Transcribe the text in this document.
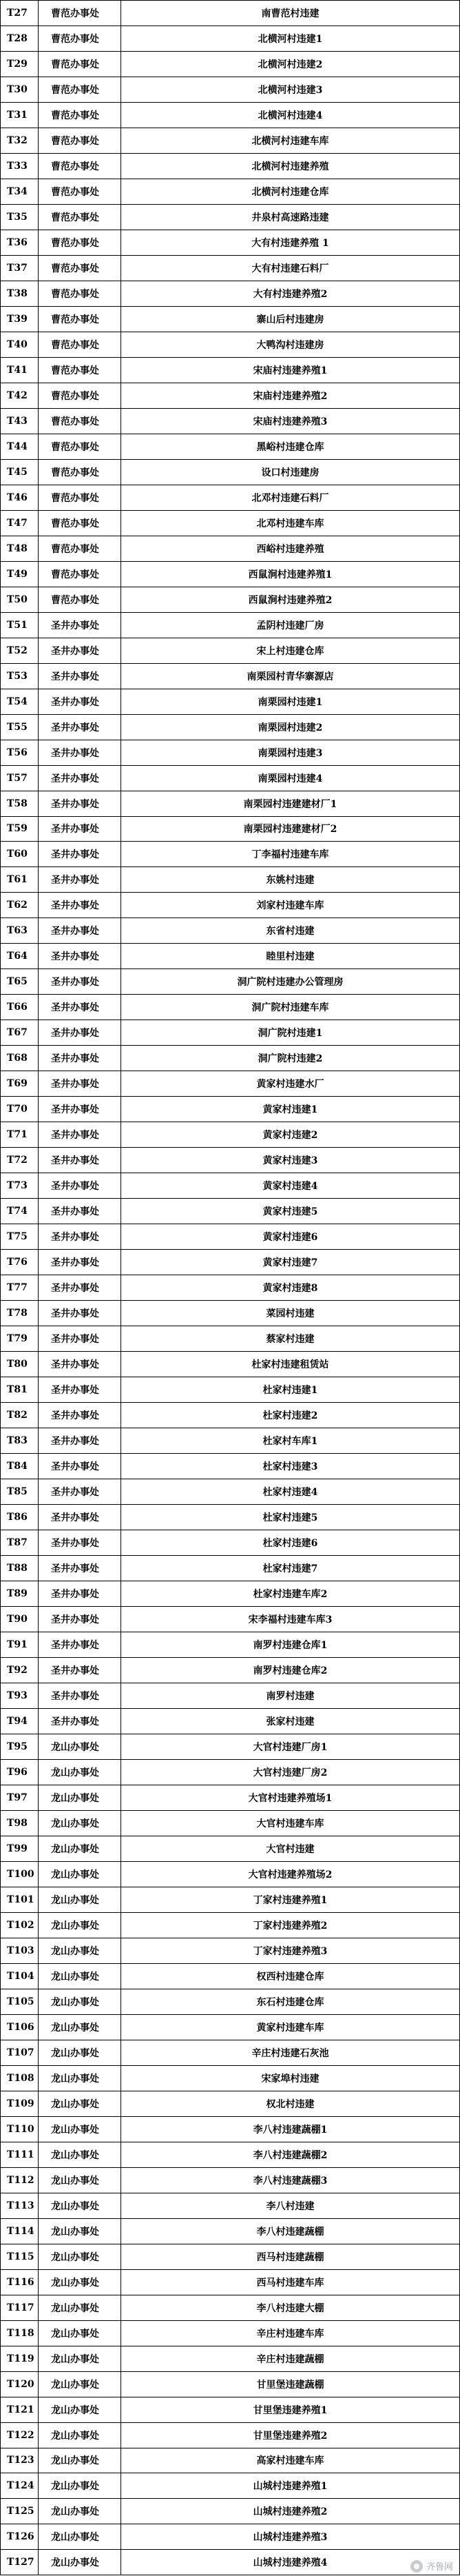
T27	曹范办事处	南曹范村违建
T28	曹范办事处	北横河村违建1
T29	曹范办事处	北横河村违建2
T30	曹范办事处	北横河村违建3
T31	曹范办事处	北横河村违建4
T32	曹范办事处	北横河村违建车库
T33	曹范办事处	北横河村违建养殖
T34	曹范办事处	北横河村违建仓库
T35	曹范办事处	井泉村高速路违建
T36	曹范办事处	大有村违建养殖 1
T37	曹范办事处	大有村违建石料厂
T38	曹范办事处	大有村违建养殖2
T39	曹范办事处	寨山后村违建房
T40	曹范办事处	大鸭沟村违建房
T41	曹范办事处	宋庙村违建养殖1
T42	曹范办事处	宋庙村违建养殖2
T43	曹范办事处	宋庙村违建养殖3
T44	曹范办事处	黑峪村违建仓库
T45	曹范办事处	设口村违建房
T46	曹范办事处	北邓村违建石料厂
T47	曹范办事处	北邓村违建车库
T48	曹范办事处	西峪村违建养殖
T49	曹范办事处	西鼠涧村违建养殖1
T50	曹范办事处	西鼠涧村违建养殖2
T51	圣井办事处	孟阴村违建厂房
T52	圣井办事处	宋上村违建仓库
T53	圣井办事处	南栗园村青华寨源店
T54	圣井办事处	南栗园村违建1
T55	圣井办事处	南栗园村违建2
T56	圣井办事处	南栗园村违建3
T57	圣井办事处	南栗园村违建4
T58	圣井办事处	南栗园村违建建材厂1
T59	圣井办事处	南栗园村违建建材厂2
T60	圣井办事处	丁李福村违建车库
T61	圣井办事处	东姚村违建
T62	圣井办事处	刘家村违建车库
T63	圣井办事处	东省村违建
T64	圣井办事处	睦里村违建
T65	圣井办事处	洞广院村违建办公管理房
T66	圣井办事处	洞广院村违建车库
T67	圣井办事处	洞广院村违建1
T68	圣井办事处	洞广院村违建2
T69	圣井办事处	黄家村违建水厂
T70	圣井办事处	黄家村违建1
T71	圣井办事处	黄家村违建2
T72	圣井办事处	黄家村违建3
T73	圣井办事处	黄家村违建4
T74	圣井办事处	黄家村违建5
T75	圣井办事处	黄家村违建6
T76	圣井办事处	黄家村违建7
T77	圣井办事处	黄家村违建8
T78	圣井办事处	菜园村违建
T79	圣井办事处	蔡家村违建
T80	圣井办事处	杜家村违建租赁站
T81	圣井办事处	杜家村违建1
T82	圣井办事处	杜家村违建2
T83	圣井办事处	杜家村车库1
T84	圣井办事处	杜家村违建3
T85	圣井办事处	杜家村违建4
T86	圣井办事处	杜家村违建5
T87	圣井办事处	杜家村违建6
T88	圣井办事处	杜家村违建7
T89	圣井办事处	杜家村违建车库2
T90	圣井办事处	宋李福村违建车库3
T91	圣井办事处	南罗村违建仓库1
T92	圣井办事处	南罗村违建仓库2
T93	圣井办事处	南罗村违建
T94	圣井办事处	张家村违建
T95	龙山办事处	大官村违建厂房1
T96	龙山办事处	大官村违建厂房2
T97	龙山办事处	大官村违建养殖场1
T98	龙山办事处	大官村违建车库
T99	龙山办事处	大官村违建
T100	龙山办事处	大官村违建养殖场2
T101	龙山办事处	丁家村违建养殖1
T102	龙山办事处	丁家村违建养殖2
T103	龙山办事处	丁家村违建养殖3
T104	龙山办事处	权西村违建仓库
T105	龙山办事处	东石村违建仓库
T106	龙山办事处	黄家村违建车库
T107	龙山办事处	辛庄村违建石灰池
T108	龙山办事处	宋家埠村违建
T109	龙山办事处	权北村违建
T110	龙山办事处	李八村违建蔬棚1
T111	龙山办事处	李八村违建蔬棚2
T112	龙山办事处	李八村违建蔬棚3
T113	龙山办事处	李八村违建
T114	龙山办事处	李八村违建蔬棚
T115	龙山办事处	西马村违建蔬棚
T116	龙山办事处	西马村违建车库
T117	龙山办事处	李八村违建大棚
T118	龙山办事处	辛庄村违建车库
T119	龙山办事处	辛庄村违建蔬棚
T120	龙山办事处	甘里堡违建蔬棚
T121	龙山办事处	甘里堡违建养殖1
T122	龙山办事处	甘里堡违建养殖2
T123	龙山办事处	高家村违建车库
T124	龙山办事处	山城村违建养殖1
T125	龙山办事处	山城村违建养殖2
T126	龙山办事处	山城村违建养殖3
T127	龙山办事处	山城村违建养殖4	齐鲁网
